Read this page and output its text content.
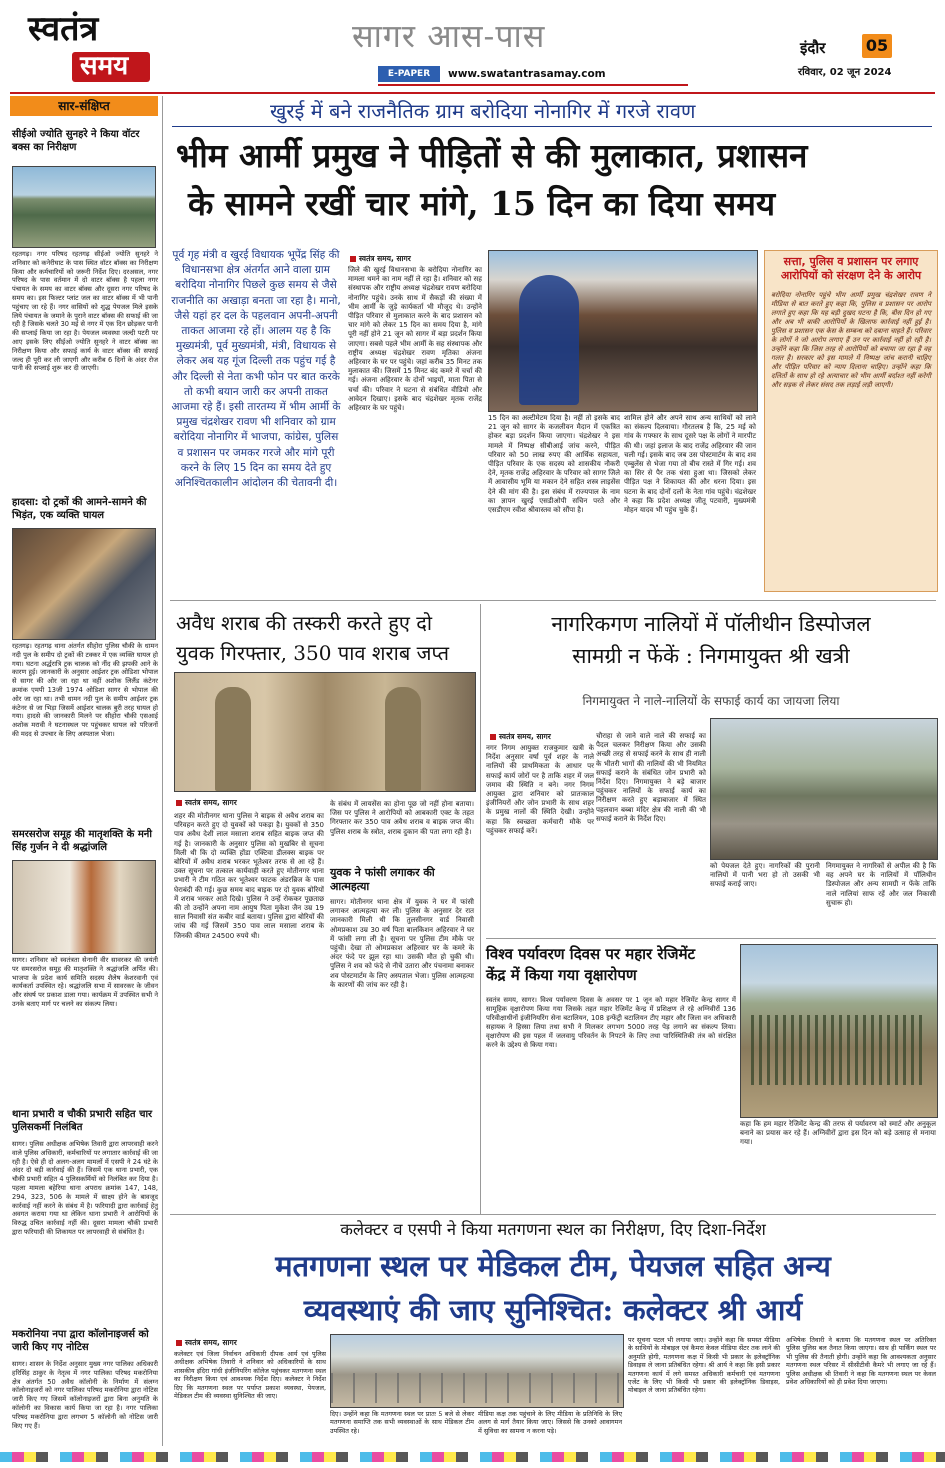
स्वतंत्र
समय
सागर आस-पास
E-PAPER	www.swatantrasamay.com
इंदौर	05
रविवार, 02 जून 2024
सार-संक्षिप्त
सीईओ ज्योति सुनहरे ने किया वॉटर बक्स का निरीक्षण
रहतगढ़। नगर परिषद रहतगढ़ सीईओ ज्योति सुनहरे ने शनिवार को कनेरीघाट के पास स्थित वॉटर बॉक्स का निरीक्षण किया और कर्मचारियों को जरूरी निर्देश दिए। दरअसल, नगर परिषद के पास वर्तमान में दो वाटर बॉक्स है पहला नगर पंचायत के समय का वाटर बॉक्स और दूसरा नगर परिषद के समय का। इस फिल्टर प्लांट जल का वाटर बॉक्स में भी पानी पहुंचाए जा रहे हैं। नगर वासियों को शुद्ध पेयजल मिले इसके लिये पंचायत के जमाने के पुराने वाटर बॉक्स की सफाई की जा रही है जिसके चलते 30 मई से नगर में एक दिन छोड़कर पानी की सप्लाई किया जा रहा है। पेयजल व्यवस्था जल्दी पटरी पर आए इसके लिए सीईओ ज्योति सुनहरे ने वाटर बॉक्स का निरीक्षण किया और सफाई कार्य के वाटर बॉक्स की सफाई जल्द ही पूरी कर ली जाएगी और करीब 6 दिनों के अंदर रोज पानी की सप्लाई शुरू कर दी जाएगी।
हादसा: दो ट्रकों की आमने-सामने की भिड़ंत, एक व्यक्ति घायल
रहतगढ़। रहतगढ़ थाना अंतर्गत सीहोरा पुलिस चौकी के धामन नदी पुल के समीप दो ट्रकों की टक्कर में एक व्यक्ति घायल हो गया। घटना अर्द्धरात्रि ट्रक चालक को नींद की झपकी आने के कारण हुई। जानकारी के अनुसार आईशर ट्रक ओडिशा भोपाल से सागर की ओर जा रहा था वहीं अशोक लिलैंड कंटेनर क्रमांक एमपी 13जी 1974 ओडिशा सागर से भोपाल की ओर जा रहा था। तभी धामन नदी पुल के समीप आईशर ट्रक कंटेनर से जा भिड़ा जिसमें आईशर चालक बुरी तरह घायल हो गया। हादसे की जानकारी मिलने पर सीहोरा चौकी एसआई अशोक मरावी ने घटनास्थल पर पहुंचकर घायल को परिजनों की मदद से उपचार के लिए अस्पताल भेजा।
समरसरोज समूह की मातृशक्ति के मनी सिंह गुर्जन ने दी श्रद्धांजलि
सागर। शनिवार को स्वतंत्रता सेनानी वीर सावरकर की जयंती पर समरसरोज समूह की मातृशक्ति ने श्रद्धांजलि अर्पित की। भाजपा के प्रदेश कार्य समिति सदस्य शैलेष केशरवानी एवं कार्यकर्ता उपस्थित रहे। श्रद्धांजलि सभा में सावरकर के जीवन और संघर्ष पर प्रकाश डाला गया। कार्यक्रम में उपस्थित सभी ने उनके बताए मार्ग पर चलने का संकल्प लिया।
थाना प्रभारी व चौकी प्रभारी सहित चार पुलिसकर्मी निलंबित
सागर। पुलिस अधीक्षक अभिषेक तिवारी द्वारा लापरवाही करने वाले पुलिस अधिकारी, कर्मचारियों पर लगातार कार्रवाई की जा रही है। ऐसे ही दो अलग-अलग मामलों में एसपी ने 24 घंटे के अंदर दो बड़ी कार्रवाई की हैं। जिसमें एक थाना प्रभारी, एक चौकी प्रभारी सहित 4 पुलिसकर्मियों को निलंबित कर दिया है। पहला मामला बहेरिया थाना अपराध क्रमांक 147, 148, 294, 323, 506 के मामले में साक्ष्य होने के बावजूद कार्रवाई नहीं करने के संबंध में है। फरियादी द्वारा कार्रवाई हेतु अवगत कराया गया था लेकिन थाना प्रभारी ने आरोपियों के विरुद्ध उचित कार्रवाई नहीं की। दूसरा मामला चौकी प्रभारी द्वारा फरियादी की शिकायत पर लापरवाही से संबंधित है।
मकरोनिया नपा द्वारा कॉलोनाइजर्स को जारी किए गए नोटिस
सागर। शासन के निर्देश अनुसार मुख्य नगर पालिका अधिकारी हरिसिंह ठाकुर के नेतृत्व में नगर पालिका परिषद मकरोनिया क्षेत्र अंतर्गत 50 अवैध कॉलोनी के निर्माण में संलग्न कॉलोनाइजरों को नगर पालिका परिषद मकरोनिया द्वारा नोटिस जारी किए गए जिसमें कॉलोनाइजरों द्वारा बिना अनुमति के कॉलोनी का विकास कार्य किया जा रहा है। नगर पालिका परिषद मकरोनिया द्वारा लगभग 5 कॉलोनी को नोटिस जारी किए गए हैं।
खुरई में बने राजनैतिक ग्राम बरोदिया नोनागिर में गरजे रावण
भीम आर्मी प्रमुख ने पीड़ितों से की मुलाकात, प्रशासन
के सामने रखीं चार मांगे, 15 दिन का दिया समय
पूर्व गृह मंत्री व खुरई विधायक भूपेंद्र सिंह की विधानसभा क्षेत्र अंतर्गत आने वाला ग्राम बरोदिया नोनागिर पिछले कुछ समय से जैसे राजनीति का अखाड़ा बनता जा रहा है। मानो, जैसे यहां हर दल के पहलवान अपनी-अपनी ताकत आजमा रहे हों। आलम यह है कि मुख्यमंत्री, पूर्व मुख्यमंत्री, मंत्री, विधायक से लेकर अब यह गूंज दिल्ली तक पहुंच गई है और दिल्ली से नेता कभी फोन पर बात करके तो कभी बयान जारी कर अपनी ताकत आजमा रहे हैं। इसी तारतम्य में भीम आर्मी के प्रमुख चंद्रशेखर रावण भी शनिवार को ग्राम बरोदिया नोनागिर में भाजपा, कांग्रेस, पुलिस व प्रशासन पर जमकर गरजे और मांगे पूरी करने के लिए 15 दिन का समय देते हुए अनिश्चितकालीन आंदोलन की चेतावनी दी।
स्वतंत्र समय, सागर
जिले की खुरई विधानसभा के बरोदिया नोनागिर का मामला थमने का नाम नहीं ले रहा है। शनिवार को सह संस्थापक और राष्ट्रीय अध्यक्ष चंद्रशेखर रावण बरोदिया नोनागिर पहुंचे। उनके साथ में सैकड़ों की संख्या में भीम आर्मी के जुड़े कार्यकर्ता भी मौजूद थे। उन्होंने पीड़ित परिवार से मुलाकात करने के बाद प्रशासन को चार मांगे को लेकर 15 दिन का समय दिया है, मांगे पूरी नहीं होने 21 जून को सागर में बड़ा प्रदर्शन किया जाएगा। सबसे पहले भीम आर्मी के सह संस्थापक और राष्ट्रीय अध्यक्ष चंद्रशेखर रावण मृतिका अंजना अहिरवार के घर पर पहुंचे। जहां करीब 35 मिनट तक मुलाकात की। जिसमें 15 मिनट बंद कमरे में चर्चा की गई। अंजना अहिरवार के दोनों भाइयों, माता पिता से चर्चा की। परिवार ने घटना से संबंधित वीडियो और आवेदन दिखाए। इसके बाद चंद्रशेखर मृतक राजेंद्र अहिरवार के घर पहुंचे।
15 दिन का अल्टीमेटम दिया है। नहीं तो इसके बाद 21 जून को सागर के कजलीवन मैदान में एकत्रित होकर बड़ा प्रदर्शन किया जाएगा। चंद्रशेखर ने इस मामले में निष्पक्ष सीबीआई जांच करने, पीड़ित परिवार को 50 लाख रुपए की आर्थिक सहायता, पीड़ित परिवार के एक सदस्य को शासकीय नौकरी देने, मृतक राजेंद्र अहिरवार के परिवार को सागर जिले में आवासीय भूमि या मकान देने सहित शस्त्र लाइसेंस देने की मांग की है। इस संबंध में राज्यपाल के नाम का ज्ञापन खुरई एसडीओपी सचिन परते और एसडीएम रवीश श्रीवास्तव को सौंपा है।
शामिल होने और अपने साथ अन्य साथियों को लाने का संकल्प दिलवाया। गौरतलब है कि, 25 मई को गांव के गफ्फार के साथ दूसरे पक्ष के लोगों ने मारपीट की थी। जहां इलाज के बाद राजेंद्र अहिरवार की जान चली गई। इसके बाद जब उस पोस्टमार्टम के बाद शव एम्बुलेंस से भेजा गया तो बीच रास्ते में गिर गई। शव का सिर से पैर तक धंसा हुआ था। जिसको लेकर पीड़ित पक्ष ने शिकायत की और धरना दिया। इस घटना के बाद दोनों दलों के नेता गांव पहुंचे। चंद्रशेखर ने कहा कि प्रदेश अध्यक्ष जीतू पटवारी, मुख्यमंत्री मोहन यादव भी पहुंच चुके हैं।
सत्ता, पुलिस व प्रशासन पर लगाए आरोपियों को संरक्षण देने के आरोप
बरोदिया नोनागिर पहुंचे भीम आर्मी प्रमुख चंद्रशेखर रावण ने मीडिया से बात करते हुए कहा कि, पुलिस व प्रशासन पर आरोप लगाते हुए कहा कि यह बड़ी दुखद घटना है कि, बीस दिन हो गए और अब भी बाकी आरोपियों के खिलाफ कार्रवाई नहीं हुई है। पुलिस व प्रशासन एक केस के सम्बन्ध को दबाना चाहते हैं। परिवार के लोगों ने जो आरोप लगाए हैं उन पर कार्रवाई नहीं हो रही है। उन्होंने कहा कि जिस तरह से आरोपियों को बचाया जा रहा है वह गलत है। सरकार को इस मामले में निष्पक्ष जांच करानी चाहिए और पीड़ित परिवार को न्याय दिलाना चाहिए। उन्होंने कहा कि दलितों के साथ हो रहे अत्याचार को भीम आर्मी बर्दाश्त नहीं करेगी और सड़क से लेकर संसद तक लड़ाई लड़ी जाएगी।
अवैध शराब की तस्करी करते हुए दो
युवक गिरफ्तार, 350 पाव शराब जप्त
स्वतंत्र समय, सागर
शहर की मोतीनगर थाना पुलिस ने बाइक से अवैध शराब का परिवहन करते हुए दो युवकों को पकड़ा है। युवकों से 350 पाव अवैध देशी लाल मसाला शराब सहित बाइक जप्त की गई है। जानकारी के अनुसार पुलिस को मुखबिर से सूचना मिली थी कि दो व्यक्ति होंडा एक्टिवा डीलक्स बाइक पर बोरियों में अवैध शराब भरकर भूतेश्वर तरफ से आ रहे हैं। उक्त सूचना पर तत्काल कार्यवाही करते हुए मोतीनगर थाना प्रभारी ने टीम गठित कर भूतेश्वर फाटक अंडरब्रिज के पास घेराबंदी की गई। कुछ समय बाद बाइक पर दो युवक बोरियों में शराब भरकर आते दिखे। पुलिस ने उन्हें रोककर पूछताछ की तो उन्होंने अपना नाम आयुष पिता मुकेश जैन उम्र 19 साल निवासी संत कबीर वार्ड बताया। पुलिस द्वारा बोरियों की जांच की गई जिसमें 350 पाव लाल मसाला शराब के जिनकी कीमत 24500 रुपये थी।
के संबंध में लायसेंस का होना पूछ जो नहीं होना बताया। जिस पर पुलिस ने आरोपियों को आबकारी एक्ट के तहत गिरफ्तार कर 350 पाव अवैध शराब व बाइक जप्त की। पुलिस शराब के स्त्रोत, शराब दुकान की पता लगा रही है।
युवक ने फांसी लगाकर की आत्महत्या
सागर। मोतीनगर थाना क्षेत्र में युवक ने घर में फांसी लगाकर आत्महत्या कर ली। पुलिस के अनुसार देर रात जानकारी मिली थी कि तुलसीनगर वार्ड निवासी ओमप्रकाश उम्र 30 वर्ष पिता बालकिशन अहिरवार ने घर में फांसी लगा ली है। सूचना पर पुलिस टीम मौके पर पहुंची। देखा तो ओमप्रकाश अहिरवार घर के कमरे के अंदर फंदे पर झूल रहा था। उसकी मौत हो चुकी थी। पुलिस ने शव को फंदे से नीचे उतारा और पंचनामा बनाकर शव पोस्टमार्टम के लिए अस्पताल भेजा। पुलिस आत्महत्या के कारणों की जांच कर रही है।
नागरिकगण नालियों में पॉलीथीन डिस्पोजल
सामग्री न फेंकें : निगमायुक्त श्री खत्री
निगमायुक्त ने नाले-नालियों के सफाई कार्य का जायजा लिया
स्वतंत्र समय, सागर
नगर निगम आयुक्त राजकुमार खत्री के निर्देश अनुसार वर्षा पूर्व शहर के नाले नालियों की प्राथमिकता के आधार पर सफाई कार्य जोरों पर है ताकि शहर में जल जमाव की स्थिति न बने। नगर निगम आयुक्त द्वारा शनिवार को प्रातःकाल इंजीनियरों और जोन प्रभारी के साथ शहर के प्रमुख नालों की स्थिति देखी। उन्होंने कहा कि स्वच्छता कर्मचारी मौके पर पहुंचकर सफाई करें।
चौराहा से जाने वाले नाले की सफाई का पैदल चलकर निरीक्षण किया और उसकी अच्छी तरह से सफाई करने के साथ ही नाली के भीतरी भागों की नालियों की भी नियमित सफाई कराने के संबंधित जोन प्रभारी को निर्देश दिए। निगमायुक्त ने बड़े बाजार पहुंचकर नालियों के सफाई कार्य का निरीक्षण करते हुए बड़ाबाजार में स्थित पहलवान बब्बा मंदिर क्षेत्र की नाली की भी सफाई कराने के निर्देश दिए।
को पेयजल देते हुए। नागरिकों की पुरानी नालियों में पानी भरा हो तो उसकी भी सफाई कराई जाए।
निगमायुक्त ने नागरिकों से अपील की है कि वह अपने घर के नालियों में पॉलिथीन डिस्पोजल और अन्य सामग्री न फेंके ताकि नाले नालियां साफ रहें और जल निकासी सुचारू हो।
विश्व पर्यावरण दिवस पर महार रेजिमेंट
केंद्र में किया गया वृक्षारोपण
स्वतंत्र समय, सागर। विश्व पर्यावरण दिवस के अवसर पर 1 जून को महार रेजिमेंट केन्द्र सागर में सामूहिक वृक्षारोपण किया गया जिसके तहत महार रेजिमेंट केन्द्र में प्रशिक्षण ले रहे अग्निवीरों 136 परिवीक्षाधीनों इंजीनियरिंग सेना बटालियन, 108 इन्फेंट्री बटालियन टीए महार और जिला वन अधिकारी सहायक ने हिस्सा लिया तथा सभी ने मिलकर लगभग 5000 तरह पेड़ लगाने का संकल्प लिया। वृक्षारोपण की इस पहल में जलवायु परिवर्तन के निपटने के लिए तथा पारिस्थितिकी तंत्र को संरक्षित करने के उद्देश्य से किया गया।
कहा कि हम महार रेजिमेंट केन्द्र की तरफ से पर्यावरण को स्मार्ट और अनुकूल बनाने का प्रयास कर रहे हैं। अग्निवीरों द्वारा इस दिन को बड़े उत्साह से मनाया गया।
कलेक्टर व एसपी ने किया मतगणना स्थल का निरीक्षण, दिए दिशा-निर्देश
मतगणना स्थल पर मेडिकल टीम, पेयजल सहित अन्य
व्यवस्थाएं की जाए सुनिश्चित: कलेक्टर श्री आर्य
स्वतंत्र समय, सागर
कलेक्टर एवं जिला निर्वाचन अधिकारी दीपक आर्य एवं पुलिस अधीक्षक अभिषेक तिवारी ने शनिवार को अधिकारियों के साथ शासकीय इंदिरा गांधी इंजीनियरिंग कॉलेज पहुंचकर मतगणना स्थल का निरीक्षण किया एवं आवश्यक निर्देश दिए। कलेक्टर ने निर्देश दिए कि मतगणना स्थल पर पर्याप्त प्रकाश व्यवस्था, पेयजल, मेडिकल टीम की व्यवस्था सुनिश्चित की जाए।
दिए। उन्होंने कहा कि मतगणना स्थल पर प्रातः 5 बजे से लेकर मतगणना समाप्ति तक सभी व्यवस्थाओं के साथ मेडिकल टीम उपस्थित रहे।
मीडिया कक्ष तक पहुंचाने के लिए मीडिया के प्रतिनिधि के लिए अलग से मार्ग तैयार किया जाए। जिससे कि उनको आवागमन में सुविधा का सामना न करना पड़े।
पर सूचना पटल भी लगाया जाए। उन्होंने कहा कि समस्त मीडिया के साथियों के मोबाइल एवं कैमरा केवल मीडिया सेंटर तक लाने की अनुमति होगी, मतगणना कक्ष में किसी भी प्रकार के इलेक्ट्रॉनिक डिवाइस ले जाना प्रतिबंधित रहेगा। श्री आर्य ने कहा कि इसी प्रकार मतगणना कार्य में लगे समस्त अधिकारी कर्मचारी एवं मतगणना एजेंट के लिए भी किसी भी प्रकार की इलेक्ट्रॉनिक डिवाइस, मोबाइल ले जाना प्रतिबंधित रहेगा।
अभिषेक तिवारी ने बताया कि मतगणना स्थल पर अतिरिक्त पुलिस पुलिस बल तैनात किया जाएगा। साथ ही पार्किंग स्थल पर भी पुलिस की तैनाती होगी। उन्होंने कहा कि आवश्यकता अनुसार मतगणना स्थल परिसर में सीसीटीवी कैमरे भी लगाए जा रहे हैं। पुलिस अधीक्षक श्री तिवारी ने कहा कि मतगणना स्थल पर केवल प्रवेश अधिकारियों को ही प्रवेश दिया जाएगा।
